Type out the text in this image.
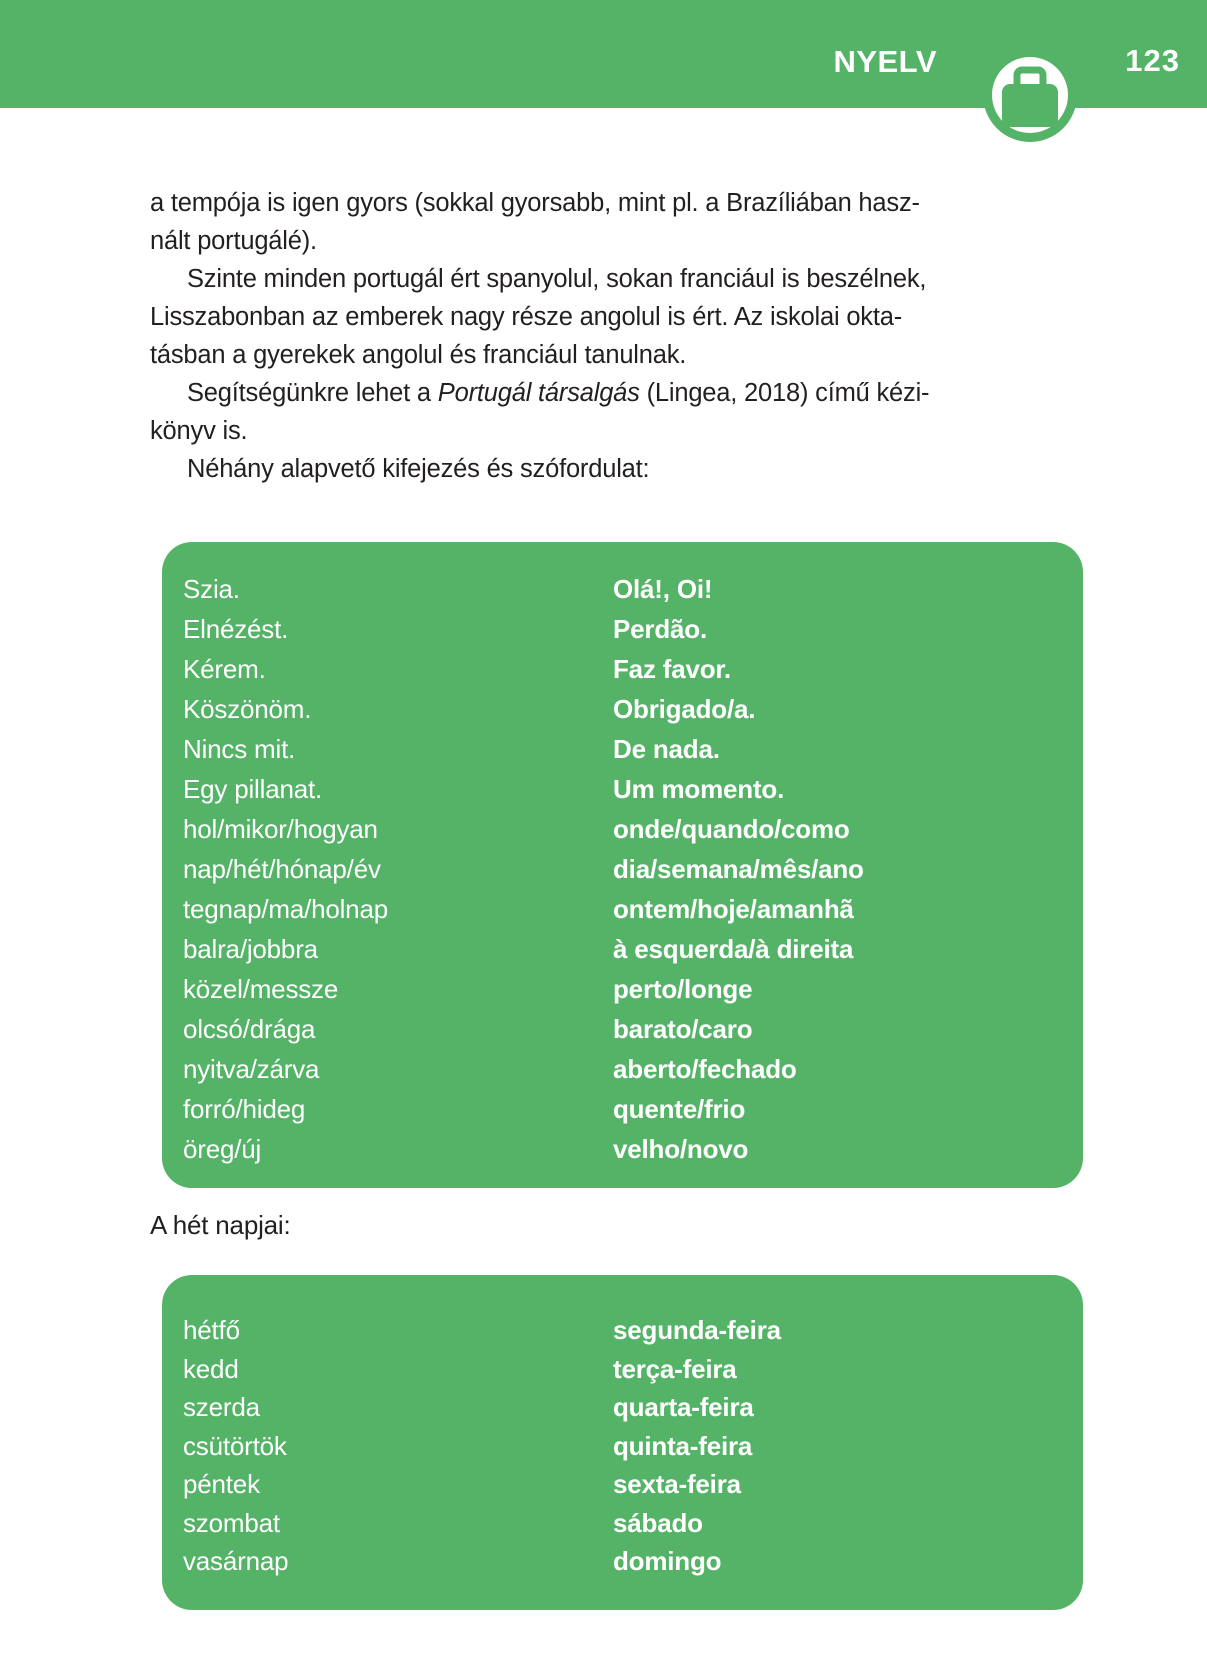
NYELV	123
a tempója is igen gyors (sokkal gyorsabb, mint pl. a Brazíliában hasz-
nált portugálé).
Szinte minden portugál ért spanyolul, sokan franciául is beszélnek,
Lisszabonban az emberek nagy része angolul is ért. Az iskolai okta-
tásban a gyerekek angolul és franciául tanulnak.
Segítségünkre lehet a Portugál társalgás (Lingea, 2018) című kézi-
könyv is.
Néhány alapvető kifejezés és szófordulat:
Szia.	Olá!, Oi!
Elnézést.	Perdão.
Kérem.	Faz favor.
Köszönöm.	Obrigado/a.
Nincs mit.	De nada.
Egy pillanat.	Um momento.
hol/mikor/hogyan	onde/quando/como
nap/hét/hónap/év	dia/semana/mês/ano
tegnap/ma/holnap	ontem/hoje/amanhã
balra/jobbra	à esquerda/à direita
közel/messze	perto/longe
olcsó/drága	barato/caro
nyitva/zárva	aberto/fechado
forró/hideg	quente/frio
öreg/új	velho/novo
A hét napjai:
hétfő	segunda-feira
kedd	terça-feira
szerda	quarta-feira
csütörtök	quinta-feira
péntek	sexta-feira
szombat	sábado
vasárnap	domingo
